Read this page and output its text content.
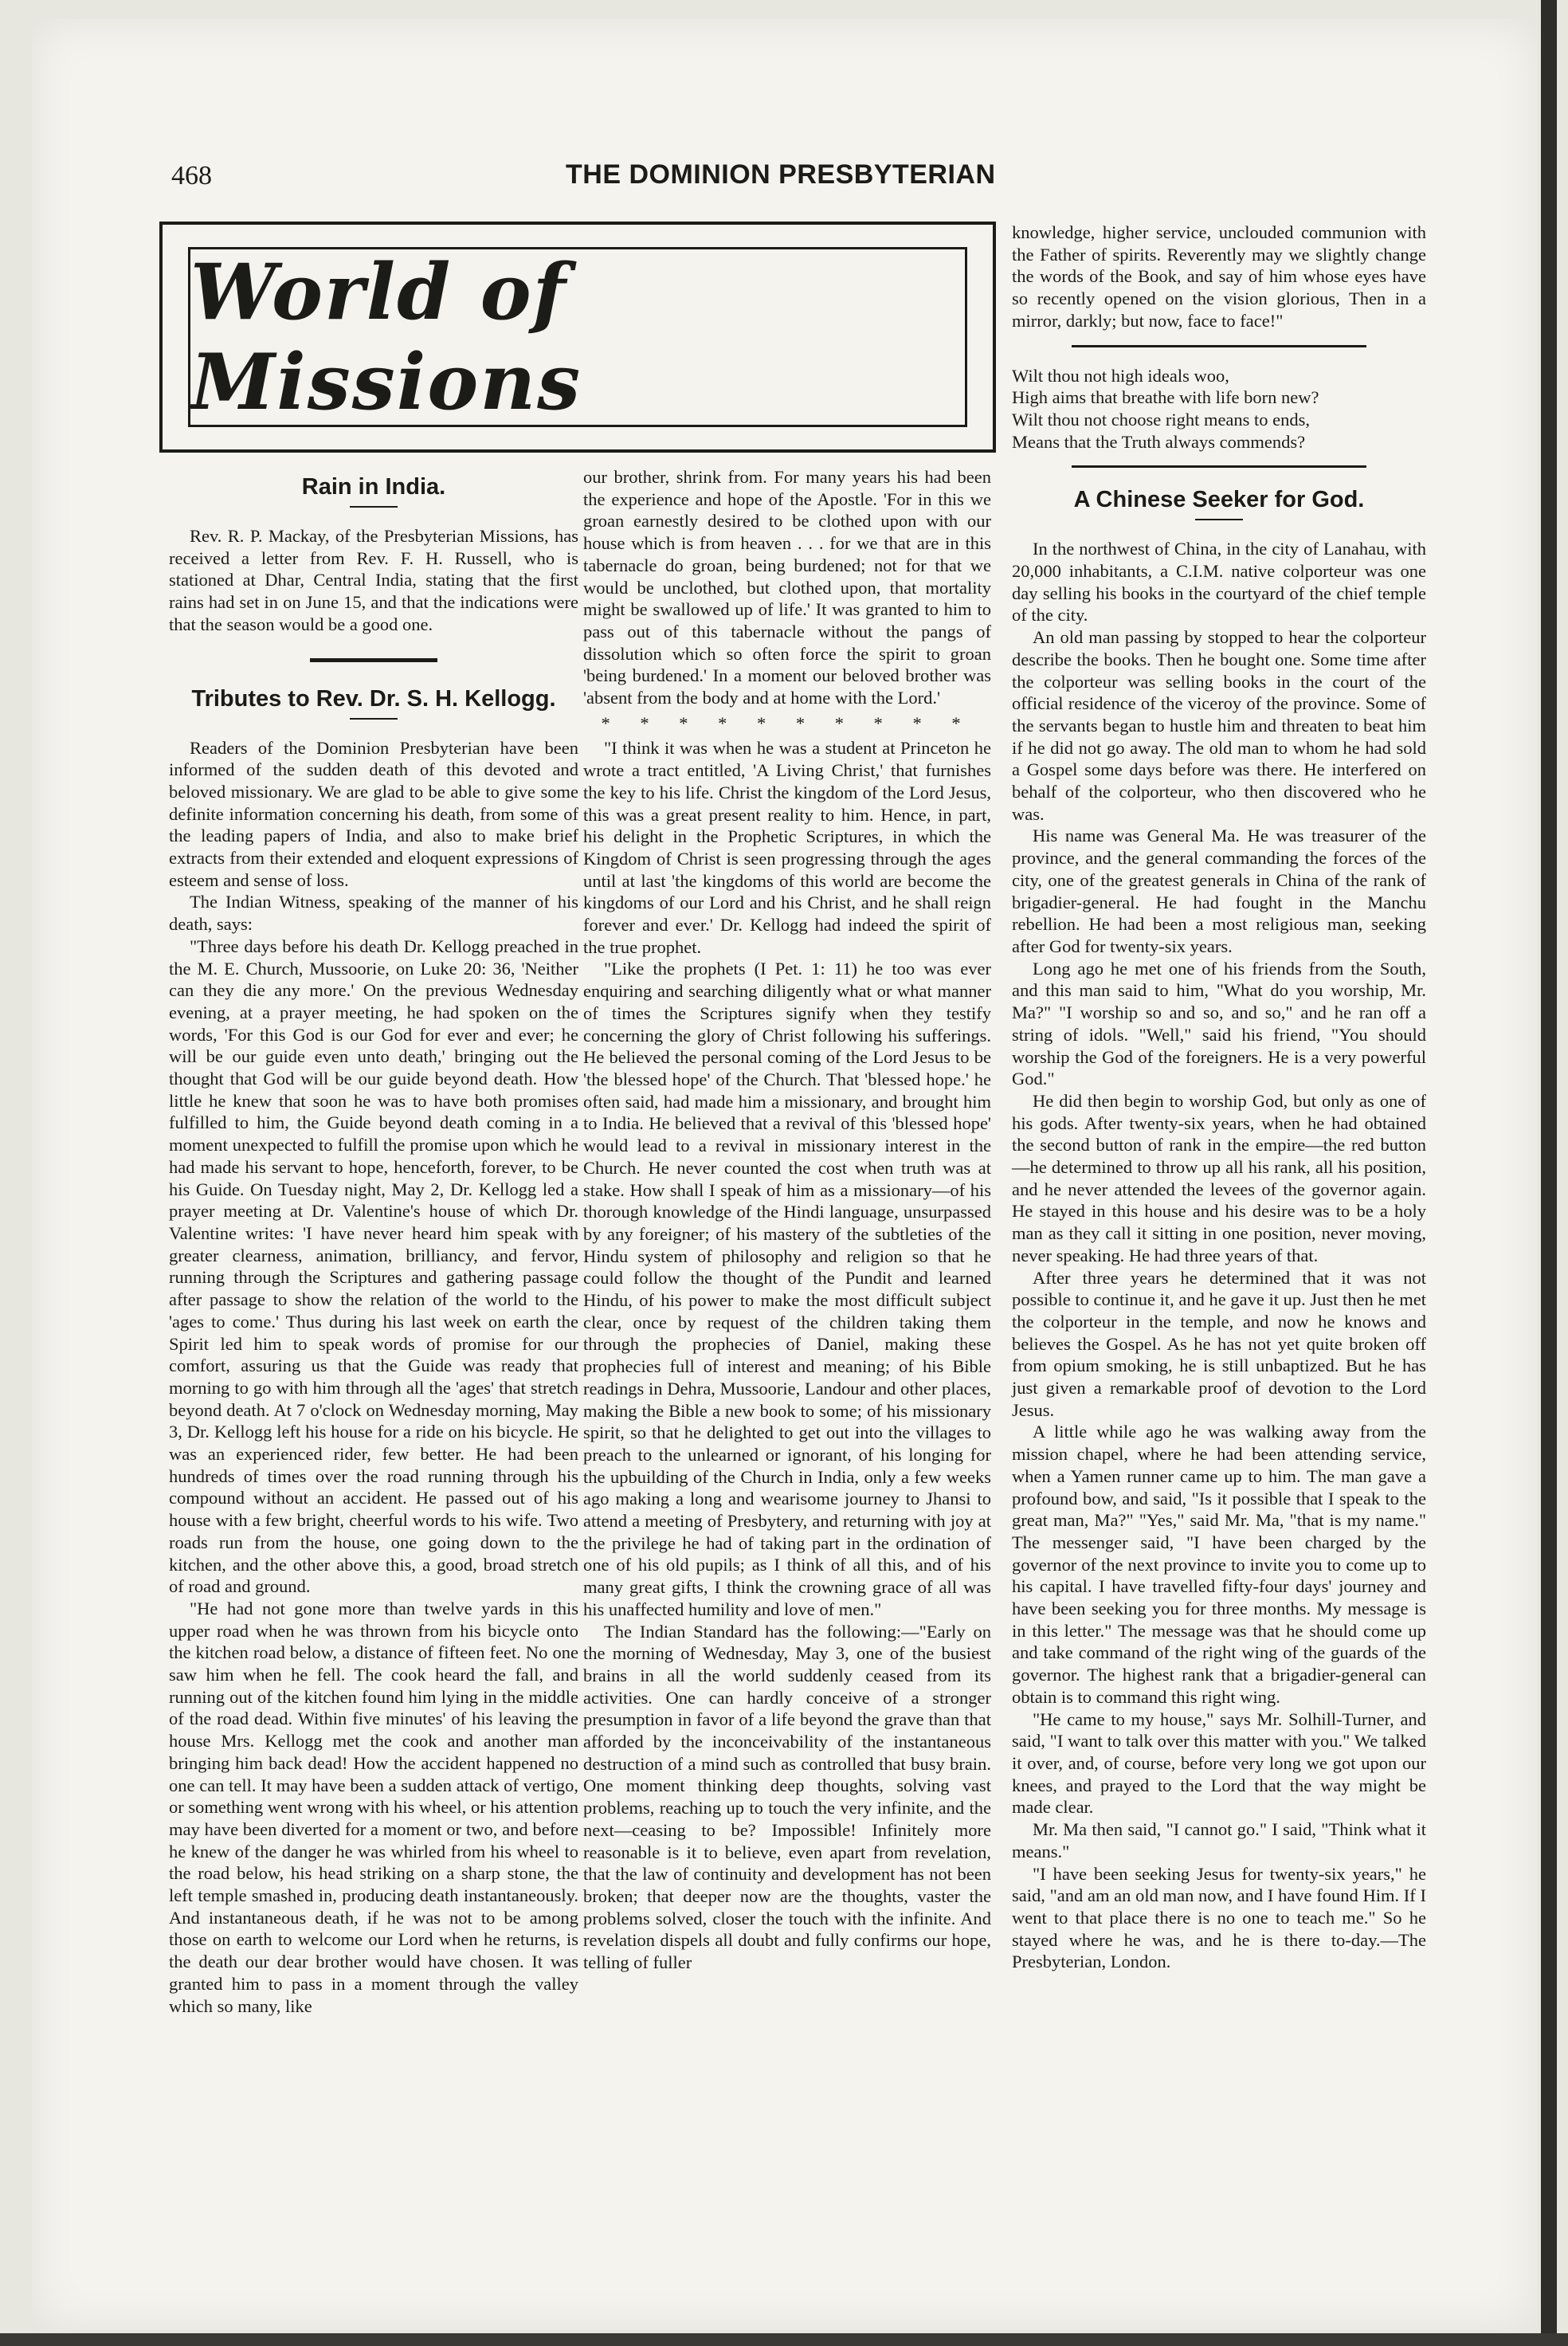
468	THE DOMINION PRESBYTERIAN
World of Missions
Rain in India.

Rev. R. P. Mackay, of the Presbyterian Missions, has received a letter from Rev. F. H. Russell, who is stationed at Dhar, Central India, stating that the first rains had set in on June 15, and that the indications were that the season would be a good one.

Tributes to Rev. Dr. S. H. Kellogg.

Readers of the Dominion Presbyterian have been informed of the sudden death of this devoted and beloved missionary. We are glad to be able to give some definite information concerning his death, from some of the leading papers of India, and also to make brief extracts from their extended and eloquent expressions of esteem and sense of loss.

The Indian Witness, speaking of the manner of his death, says:

"Three days before his death Dr. Kellogg preached in the M. E. Church, Mussoorie, on Luke 20: 36, 'Neither can they die any more.' On the previous Wednesday evening, at a prayer meeting, he had spoken on the words, 'For this God is our God for ever and ever; he will be our guide even unto death,' bringing out the thought that God will be our guide beyond death. How little he knew that soon he was to have both promises fulfilled to him, the Guide beyond death coming in a moment unexpected to fulfill the promise upon which he had made his servant to hope, henceforth, forever, to be his Guide. On Tuesday night, May 2, Dr. Kellogg led a prayer meeting at Dr. Valentine's house of which Dr. Valentine writes: 'I have never heard him speak with greater clearness, animation, brilliancy, and fervor, running through the Scriptures and gathering passage after passage to show the relation of the world to the 'ages to come.' Thus during his last week on earth the Spirit led him to speak words of promise for our comfort, assuring us that the Guide was ready that morning to go with him through all the 'ages' that stretch beyond death. At 7 o'clock on Wednesday morning, May 3, Dr. Kellogg left his house for a ride on his bicycle. He was an experienced rider, few better. He had been hundreds of times over the road running through his compound without an accident. He passed out of his house with a few bright, cheerful words to his wife. Two roads run from the house, one going down to the kitchen, and the other above this, a good, broad stretch of road and ground.

"He had not gone more than twelve yards in this upper road when he was thrown from his bicycle onto the kitchen road below, a distance of fifteen feet. No one saw him when he fell. The cook heard the fall, and running out of the kitchen found him lying in the middle of the road dead. Within five minutes' of his leaving the house Mrs. Kellogg met the cook and another man bringing him back dead! How the accident happened no one can tell. It may have been a sudden attack of vertigo, or something went wrong with his wheel, or his attention may have been diverted for a moment or two, and before he knew of the danger he was whirled from his wheel to the road below, his head striking on a sharp stone, the left temple smashed in, producing death instantaneously. And instantaneous death, if he was not to be among those on earth to welcome our Lord when he returns, is the death our dear brother would have chosen. It was granted him to pass in a moment through the valley which so many, like

our brother, shrink from. For many years his had been the experience and hope of the Apostle. 'For in this we groan earnestly desired to be clothed upon with our house which is from heaven . . . for we that are in this tabernacle do groan, being burdened; not for that we would be unclothed, but clothed upon, that mortality might be swallowed up of life.' It was granted to him to pass out of this tabernacle without the pangs of dissolution which so often force the spirit to groan 'being burdened.' In a moment our beloved brother was 'absent from the body and at home with the Lord.'

* * * * * * * * * *

"I think it was when he was a student at Princeton he wrote a tract entitled, 'A Living Christ,' that furnishes the key to his life. Christ the kingdom of the Lord Jesus, this was a great present reality to him. Hence, in part, his delight in the Prophetic Scriptures, in which the Kingdom of Christ is seen progressing through the ages until at last 'the kingdoms of this world are become the kingdoms of our Lord and his Christ, and he shall reign forever and ever.' Dr. Kellogg had indeed the spirit of the true prophet.

"Like the prophets (I Pet. 1: 11) he too was ever enquiring and searching diligently what or what manner of times the Scriptures signify when they testify concerning the glory of Christ following his sufferings. He believed the personal coming of the Lord Jesus to be 'the blessed hope' of the Church. That 'blessed hope.' he often said, had made him a missionary, and brought him to India. He believed that a revival of this 'blessed hope' would lead to a revival in missionary interest in the Church. He never counted the cost when truth was at stake. How shall I speak of him as a missionary—of his thorough knowledge of the Hindi language, unsurpassed by any foreigner; of his mastery of the subtleties of the Hindu system of philosophy and religion so that he could follow the thought of the Pundit and learned Hindu, of his power to make the most difficult subject clear, once by request of the children taking them through the prophecies of Daniel, making these prophecies full of interest and meaning; of his Bible readings in Dehra, Mussoorie, Landour and other places, making the Bible a new book to some; of his missionary spirit, so that he delighted to get out into the villages to preach to the unlearned or ignorant, of his longing for the upbuilding of the Church in India, only a few weeks ago making a long and wearisome journey to Jhansi to attend a meeting of Presbytery, and returning with joy at the privilege he had of taking part in the ordination of one of his old pupils; as I think of all this, and of his many great gifts, I think the crowning grace of all was his unaffected humility and love of men."

The Indian Standard has the following:—"Early on the morning of Wednesday, May 3, one of the busiest brains in all the world suddenly ceased from its activities. One can hardly conceive of a stronger presumption in favor of a life beyond the grave than that afforded by the inconceivability of the instantaneous destruction of a mind such as controlled that busy brain. One moment thinking deep thoughts, solving vast problems, reaching up to touch the very infinite, and the next—ceasing to be? Impossible! Infinitely more reasonable is it to believe, even apart from revelation, that the law of continuity and development has not been broken; that deeper now are the thoughts, vaster the problems solved, closer the touch with the infinite. And revelation dispels all doubt and fully confirms our hope, telling of fuller

knowledge, higher service, unclouded communion with the Father of spirits. Reverently may we slightly change the words of the Book, and say of him whose eyes have so recently opened on the vision glorious, Then in a mirror, darkly; but now, face to face!"

Wilt thou not high ideals woo,

High aims that breathe with life born new?

Wilt thou not choose right means to ends,

Means that the Truth always commends?

A Chinese Seeker for God.

In the northwest of China, in the city of Lanahau, with 20,000 inhabitants, a C.I.M. native colporteur was one day selling his books in the courtyard of the chief temple of the city.

An old man passing by stopped to hear the colporteur describe the books. Then he bought one. Some time after the colporteur was selling books in the court of the official residence of the viceroy of the province. Some of the servants began to hustle him and threaten to beat him if he did not go away. The old man to whom he had sold a Gospel some days before was there. He interfered on behalf of the colporteur, who then discovered who he was.

His name was General Ma. He was treasurer of the province, and the general commanding the forces of the city, one of the greatest generals in China of the rank of brigadier-general. He had fought in the Manchu rebellion. He had been a most religious man, seeking after God for twenty-six years.

Long ago he met one of his friends from the South, and this man said to him, "What do you worship, Mr. Ma?" "I worship so and so, and so," and he ran off a string of idols. "Well," said his friend, "You should worship the God of the foreigners. He is a very powerful God."

He did then begin to worship God, but only as one of his gods. After twenty-six years, when he had obtained the second button of rank in the empire—the red button—he determined to throw up all his rank, all his position, and he never attended the levees of the governor again. He stayed in this house and his desire was to be a holy man as they call it sitting in one position, never moving, never speaking. He had three years of that.

After three years he determined that it was not possible to continue it, and he gave it up. Just then he met the colporteur in the temple, and now he knows and believes the Gospel. As he has not yet quite broken off from opium smoking, he is still unbaptized. But he has just given a remarkable proof of devotion to the Lord Jesus.

A little while ago he was walking away from the mission chapel, where he had been attending service, when a Yamen runner came up to him. The man gave a profound bow, and said, "Is it possible that I speak to the great man, Ma?" "Yes," said Mr. Ma, "that is my name." The messenger said, "I have been charged by the governor of the next province to invite you to come up to his capital. I have travelled fifty-four days' journey and have been seeking you for three months. My message is in this letter." The message was that he should come up and take command of the right wing of the guards of the governor. The highest rank that a brigadier-general can obtain is to command this right wing.

"He came to my house," says Mr. Solhill-Turner, and said, "I want to talk over this matter with you." We talked it over, and, of course, before very long we got upon our knees, and prayed to the Lord that the way might be made clear.

Mr. Ma then said, "I cannot go." I said, "Think what it means."

"I have been seeking Jesus for twenty-six years," he said, "and am an old man now, and I have found Him. If I went to that place there is no one to teach me." So he stayed where he was, and he is there to-day.—The Presbyterian, London.
